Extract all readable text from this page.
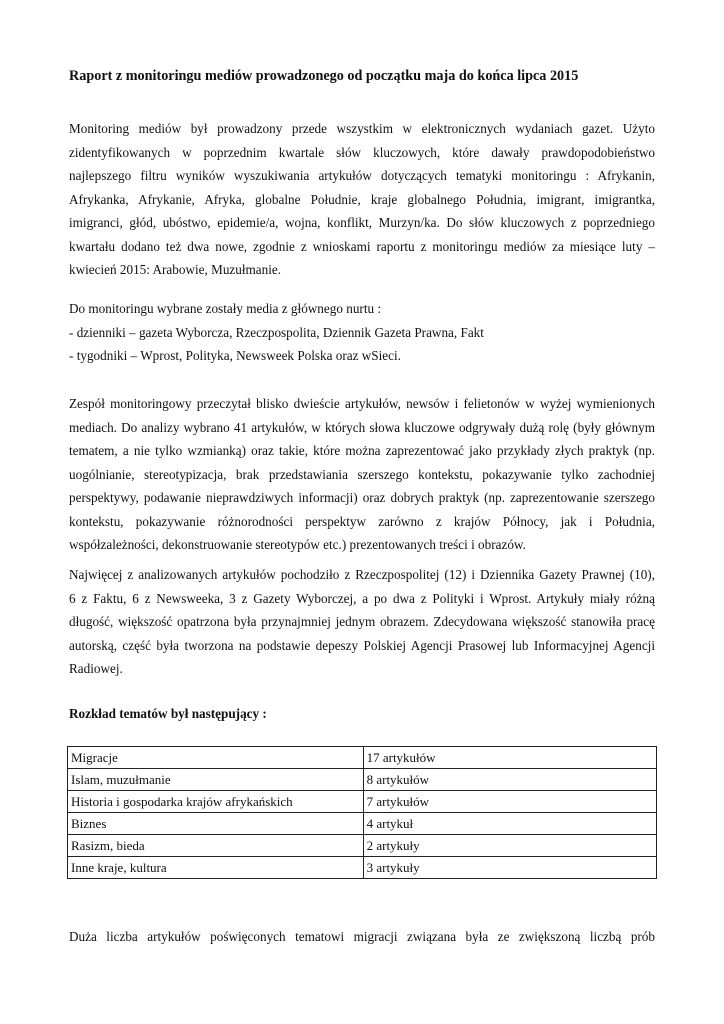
Raport z monitoringu mediów prowadzonego od początku maja do końca lipca 2015
Monitoring mediów był prowadzony przede wszystkim w elektronicznych wydaniach gazet. Użyto
zidentyfikowanych w poprzednim kwartale słów kluczowych, które dawały prawdopodobieństwo
najlepszego filtru wyników wyszukiwania artykułów dotyczących tematyki monitoringu : Afrykanin,
Afrykanka, Afrykanie, Afryka, globalne Południe, kraje globalnego Południa, imigrant, imigrantka,
imigranci, głód, ubóstwo, epidemie/a, wojna, konflikt, Murzyn/ka. Do słów kluczowych z poprzedniego
kwartału dodano też dwa nowe, zgodnie z wnioskami raportu z monitoringu mediów za miesiące luty –
kwiecień 2015: Arabowie, Muzułmanie.
Do monitoringu wybrane zostały media z głównego nurtu :
- dzienniki – gazeta Wyborcza, Rzeczpospolita, Dziennik Gazeta Prawna, Fakt
- tygodniki – Wprost, Polityka, Newsweek Polska oraz wSieci.
Zespół monitoringowy przeczytał blisko dwieście artykułów, newsów i felietonów w wyżej wymienionych
mediach. Do analizy wybrano 41 artykułów, w których słowa kluczowe odgrywały dużą rolę (były głównym
tematem, a nie tylko wzmianką) oraz takie, które można zaprezentować jako przykłady złych praktyk (np.
uogólnianie, stereotypizacja, brak przedstawiania szerszego kontekstu, pokazywanie tylko zachodniej
perspektywy, podawanie nieprawdziwych informacji) oraz dobrych praktyk (np. zaprezentowanie szerszego
kontekstu, pokazywanie różnorodności perspektyw zarówno z krajów Północy, jak i Południa,
współzależności, dekonstruowanie stereotypów etc.) prezentowanych treści i obrazów.
Najwięcej z analizowanych artykułów pochodziło z Rzeczpospolitej (12) i Dziennika Gazety Prawnej (10),
6 z Faktu, 6 z Newsweeka, 3 z Gazety Wyborczej, a po dwa z Polityki i Wprost. Artykuły miały różną
długość, większość opatrzona była przynajmniej jednym obrazem. Zdecydowana większość stanowiła pracę
autorską, część była tworzona na podstawie depeszy Polskiej Agencji Prasowej lub Informacyjnej Agencji
Radiowej.
Rozkład tematów był następujący :
Migracje	17 artykułów
Islam, muzułmanie	8 artykułów
Historia i gospodarka krajów afrykańskich	7 artykułów
Biznes	4 artykuł
Rasizm, bieda	2 artykuły
Inne kraje, kultura	3 artykuły
Duża liczba artykułów poświęconych tematowi migracji związana była ze zwiększoną liczbą prób
